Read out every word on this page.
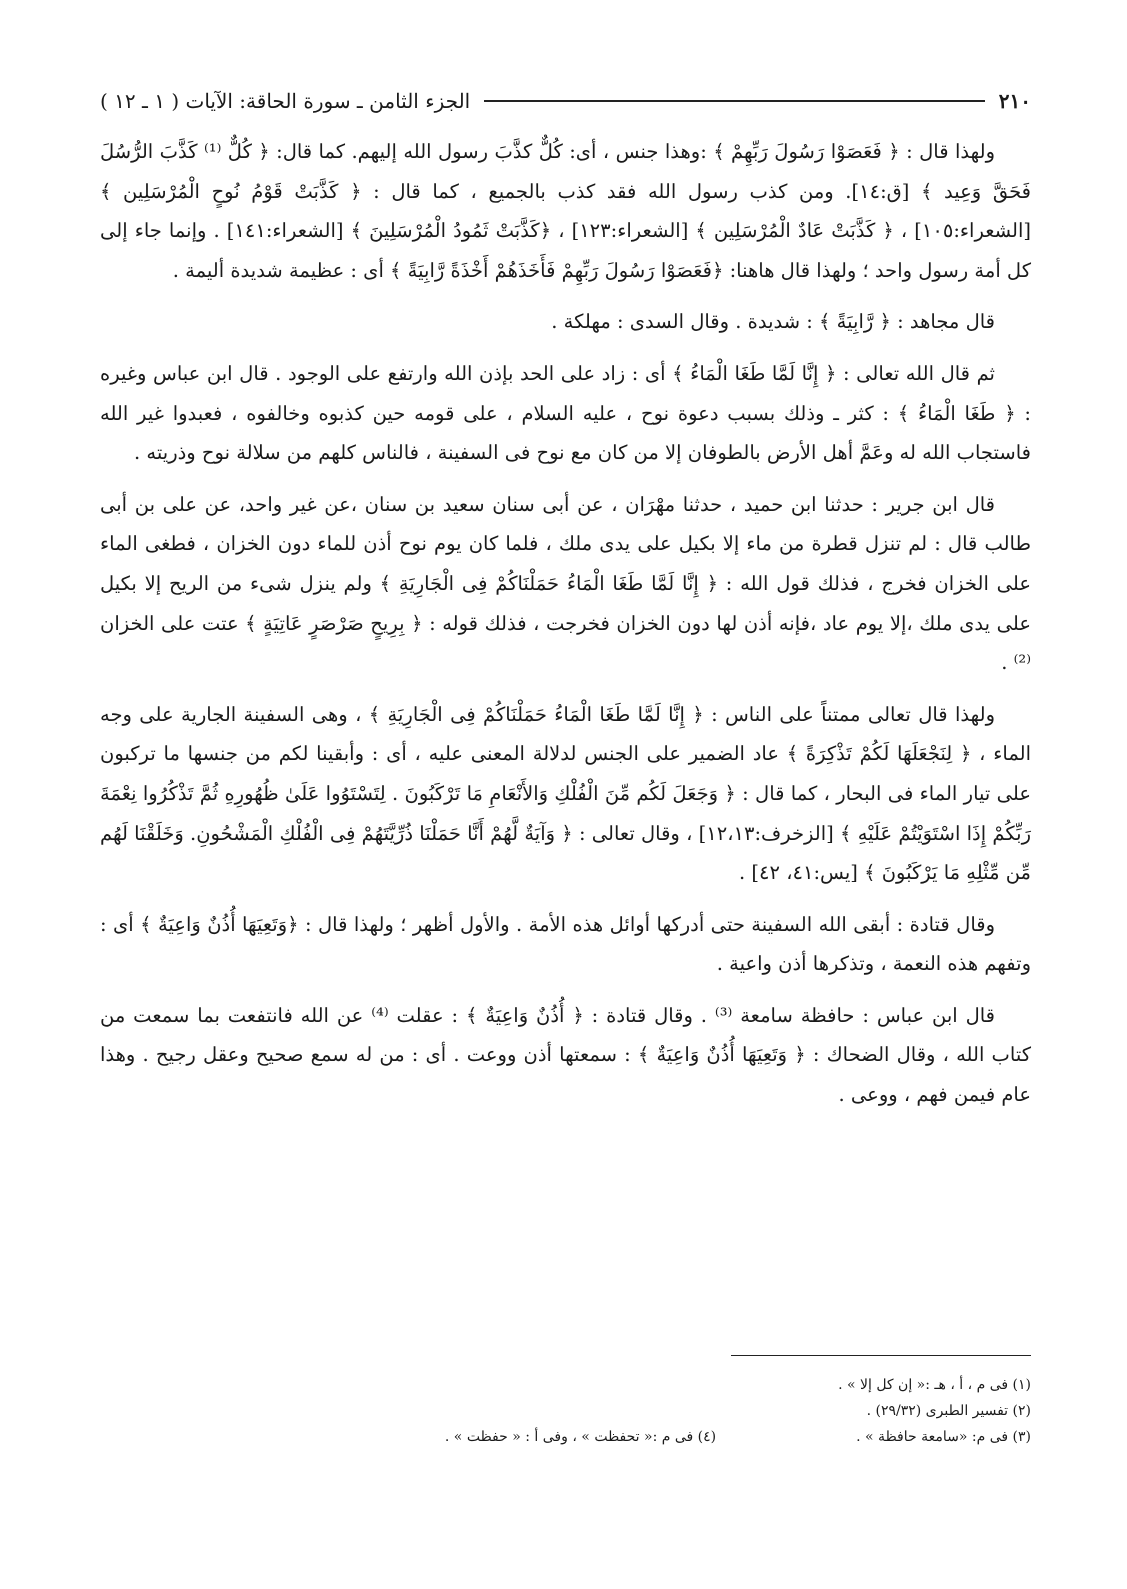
٢١٠
الجزء الثامن ـ سورة الحاقة: الآيات ( ١ ـ ١٢ )

ولهذا قال : ﴿ فَعَصَوْا رَسُولَ رَبِّهِمْ ﴾ :وهذا جنس ، أى: كُلٌّ كذَّبَ رسول الله إليهم. كما قال: ﴿ كُلٌّ ⁽¹⁾ كَذَّبَ الرُّسُلَ فَحَقَّ وَعِيد ﴾ [ق:١٤]. ومن كذب رسول الله فقد كذب بالجميع ، كما قال : ﴿ كَذَّبَتْ قَوْمُ نُوحٍ الْمُرْسَلِين ﴾ [الشعراء:١٠٥] ، ﴿ كَذَّبَتْ عَادٌ الْمُرْسَلِين ﴾ [الشعراء:١٢٣] ، ﴿كَذَّبَتْ ثَمُودُ الْمُرْسَلِينَ ﴾ [الشعراء:١٤١] . وإنما جاء إلى كل أمة رسول واحد ؛ ولهذا قال هاهنا: ﴿فَعَصَوْا رَسُولَ رَبِّهِمْ فَأَخَذَهُمْ أَخْذَةً رَّابِيَةً ﴾ أى : عظيمة شديدة أليمة .

قال مجاهد : ﴿ رَّابِيَةً ﴾ : شديدة . وقال السدى : مهلكة .

ثم قال الله تعالى : ﴿ إِنَّا لَمَّا طَغَا الْمَاءُ ﴾ أى : زاد على الحد بإذن الله وارتفع على الوجود . قال ابن عباس وغيره : ﴿ طَغَا الْمَاءُ ﴾ : كثر ـ وذلك بسبب دعوة نوح ، عليه السلام ، على قومه حين كذبوه وخالفوه ، فعبدوا غير الله فاستجاب الله له وعَمَّ أهل الأرض بالطوفان إلا من كان مع نوح فى السفينة ، فالناس كلهم من سلالة نوح وذريته .

قال ابن جرير : حدثنا ابن حميد ، حدثنا مهْرَان ، عن أبى سنان سعيد بن سنان ،عن غير واحد، عن على بن أبى طالب قال : لم تنزل قطرة من ماء إلا بكيل على يدى ملك ، فلما كان يوم نوح أذن للماء دون الخزان ، فطغى الماء على الخزان فخرج ، فذلك قول الله : ﴿ إِنَّا لَمَّا طَغَا الْمَاءُ حَمَلْنَاكُمْ فِى الْجَارِيَةِ ﴾ ولم ينزل شىء من الريح إلا بكيل على يدى ملك ،إلا يوم عاد ،فإنه أذن لها دون الخزان فخرجت ، فذلك قوله : ﴿ بِرِيحٍ صَرْصَرٍ عَاتِيَةٍ ﴾ عتت على الخزان ⁽²⁾ .

ولهذا قال تعالى ممتناً على الناس : ﴿ إِنَّا لَمَّا طَغَا الْمَاءُ حَمَلْنَاكُمْ فِى الْجَارِيَةِ ﴾ ، وهى السفينة الجارية على وجه الماء ، ﴿ لِنَجْعَلَهَا لَكُمْ تَذْكِرَةً ﴾ عاد الضمير على الجنس لدلالة المعنى عليه ، أى : وأبقينا لكم من جنسها ما تركبون على تيار الماء فى البحار ، كما قال : ﴿ وَجَعَلَ لَكُم مِّنَ الْفُلْكِ وَالأَنْعَامِ مَا تَرْكَبُونَ . لِتَسْتَوُوا عَلَىٰ ظُهُورِهِ ثُمَّ تَذْكُرُوا نِعْمَةَ رَبِّكُمْ إِذَا اسْتَوَيْتُمْ عَلَيْهِ ﴾ [الزخرف:١٢،١٣] ، وقال تعالى : ﴿ وَآيَةٌ لَّهُمْ أَنَّا حَمَلْنَا ذُرِّيَّتَهُمْ فِى الْفُلْكِ الْمَشْحُونِ. وَخَلَقْنَا لَهُم مِّن مِّثْلِهِ مَا يَرْكَبُونَ ﴾ [يس:٤١، ٤٢] .

وقال قتادة : أبقى الله السفينة حتى أدركها أوائل هذه الأمة . والأول أظهر ؛ ولهذا قال : ﴿وَتَعِيَهَا أُذُنٌ وَاعِيَةٌ ﴾ أى : وتفهم هذه النعمة ، وتذكرها أذن واعية .

قال ابن عباس : حافظة سامعة ⁽³⁾ . وقال قتادة : ﴿ أُذُنٌ وَاعِيَةٌ ﴾ : عقلت ⁽⁴⁾ عن الله فانتفعت بما سمعت من كتاب الله ، وقال الضحاك : ﴿ وَتَعِيَهَا أُذُنٌ وَاعِيَةٌ ﴾ : سمعتها أذن ووعت . أى : من له سمع صحيح وعقل رجيح . وهذا عام فيمن فهم ، ووعى .

(١) فى م ، أ ، هـ :« إن كل إلا » .
(٢) تفسير الطبرى (٢٩/٣٢) .
(٣) فى م: «سامعة حافظة » .
(٤) فى م :« تحفظت » ، وفى أ : « حفظت » .
